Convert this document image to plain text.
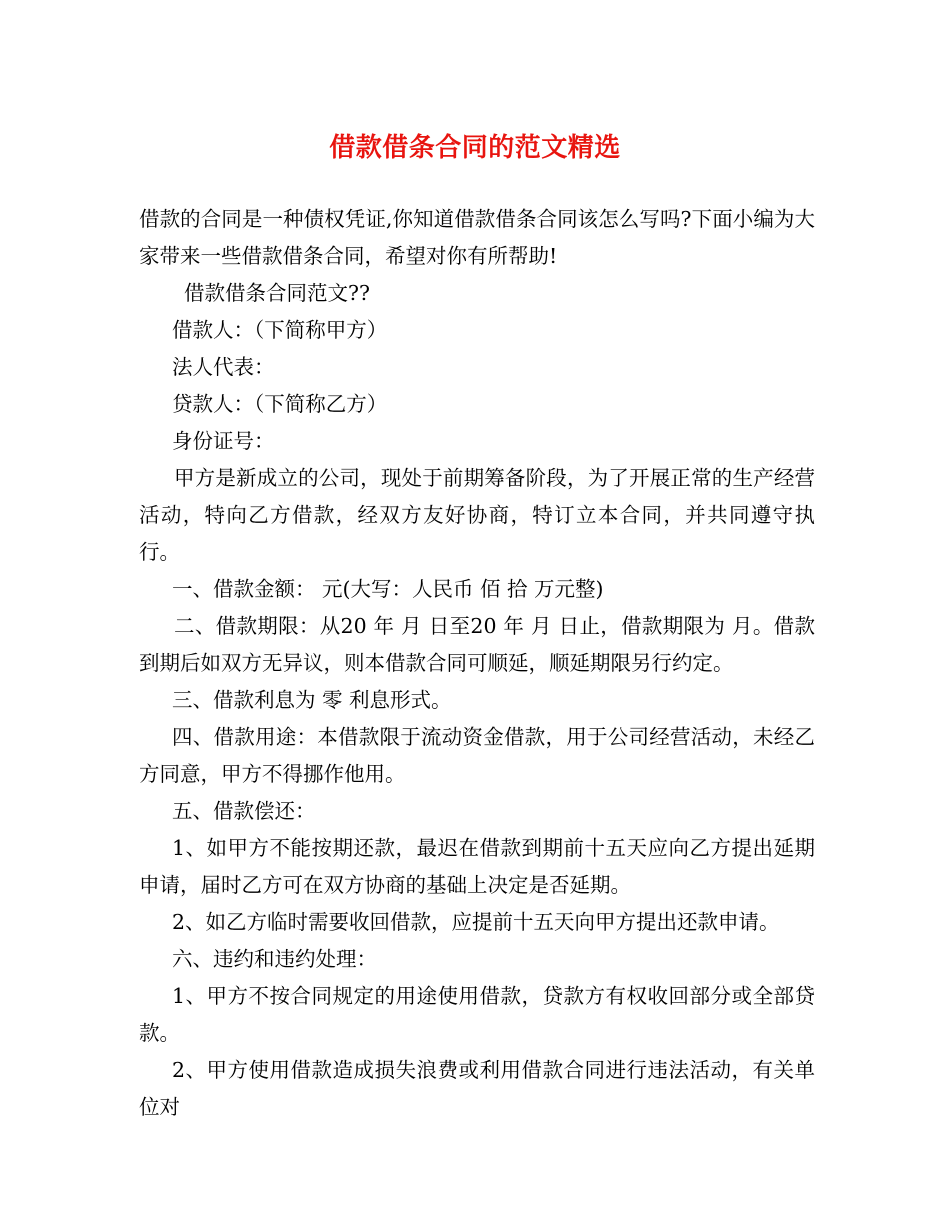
借款借条合同的范文精选

借款的合同是一种债权凭证,你知道借款借条合同该怎么写吗?下面小编为大家带来一些借款借条合同，希望对你有所帮助!

借款借条合同范文??

借款人：（下简称甲方）

法人代表：

贷款人：（下简称乙方）

身份证号：

甲方是新成立的公司，现处于前期筹备阶段，为了开展正常的生产经营活动，特向乙方借款，经双方友好协商，特订立本合同，并共同遵守执行。

一、借款金额： 元(大写：人民币 佰 拾 万元整)

二、借款期限：从20 年 月 日至20 年 月 日止，借款期限为 月。借款到期后如双方无异议，则本借款合同可顺延，顺延期限另行约定。

三、借款利息为 零 利息形式。

四、借款用途：本借款限于流动资金借款，用于公司经营活动，未经乙方同意，甲方不得挪作他用。

五、借款偿还：

1、如甲方不能按期还款，最迟在借款到期前十五天应向乙方提出延期申请，届时乙方可在双方协商的基础上决定是否延期。

2、如乙方临时需要收回借款，应提前十五天向甲方提出还款申请。

六、违约和违约处理：

1、甲方不按合同规定的用途使用借款，贷款方有权收回部分或全部贷款。

2、甲方使用借款造成损失浪费或利用借款合同进行违法活动，有关单位对
